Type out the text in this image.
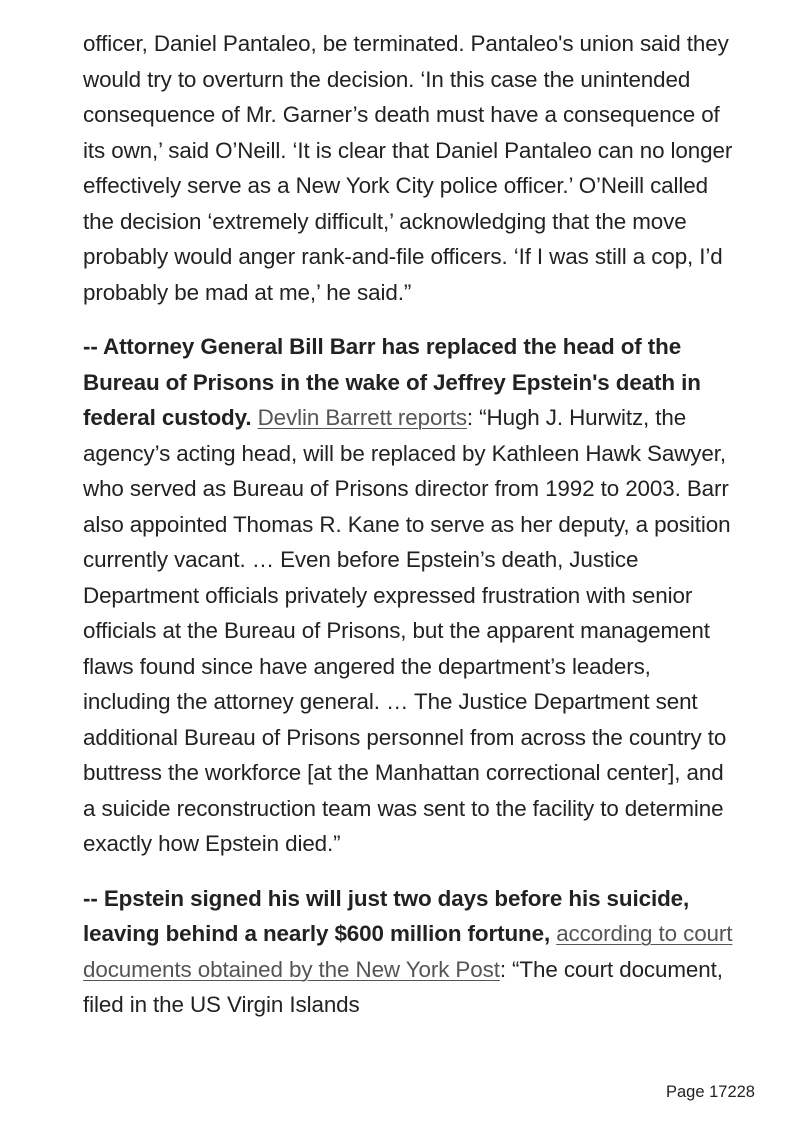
officer, Daniel Pantaleo, be terminated. Pantaleo's union said they would try to overturn the decision. ‘In this case the unintended consequence of Mr. Garner’s death must have a consequence of its own,’ said O’Neill. ‘It is clear that Daniel Pantaleo can no longer effectively serve as a New York City police officer.’ O’Neill called the decision ‘extremely difficult,’ acknowledging that the move probably would anger rank-and-file officers. ‘If I was still a cop, I’d probably be mad at me,’ he said.”

-- Attorney General Bill Barr has replaced the head of the Bureau of Prisons in the wake of Jeffrey Epstein's death in federal custody. Devlin Barrett reports: “Hugh J. Hurwitz, the agency’s acting head, will be replaced by Kathleen Hawk Sawyer, who served as Bureau of Prisons director from 1992 to 2003. Barr also appointed Thomas R. Kane to serve as her deputy, a position currently vacant. … Even before Epstein’s death, Justice Department officials privately expressed frustration with senior officials at the Bureau of Prisons, but the apparent management flaws found since have angered the department’s leaders, including the attorney general. … The Justice Department sent additional Bureau of Prisons personnel from across the country to buttress the workforce [at the Manhattan correctional center], and a suicide reconstruction team was sent to the facility to determine exactly how Epstein died.”

-- Epstein signed his will just two days before his suicide, leaving behind a nearly $600 million fortune, according to court documents obtained by the New York Post: “The court document, filed in the US Virgin Islands

Page 17228
